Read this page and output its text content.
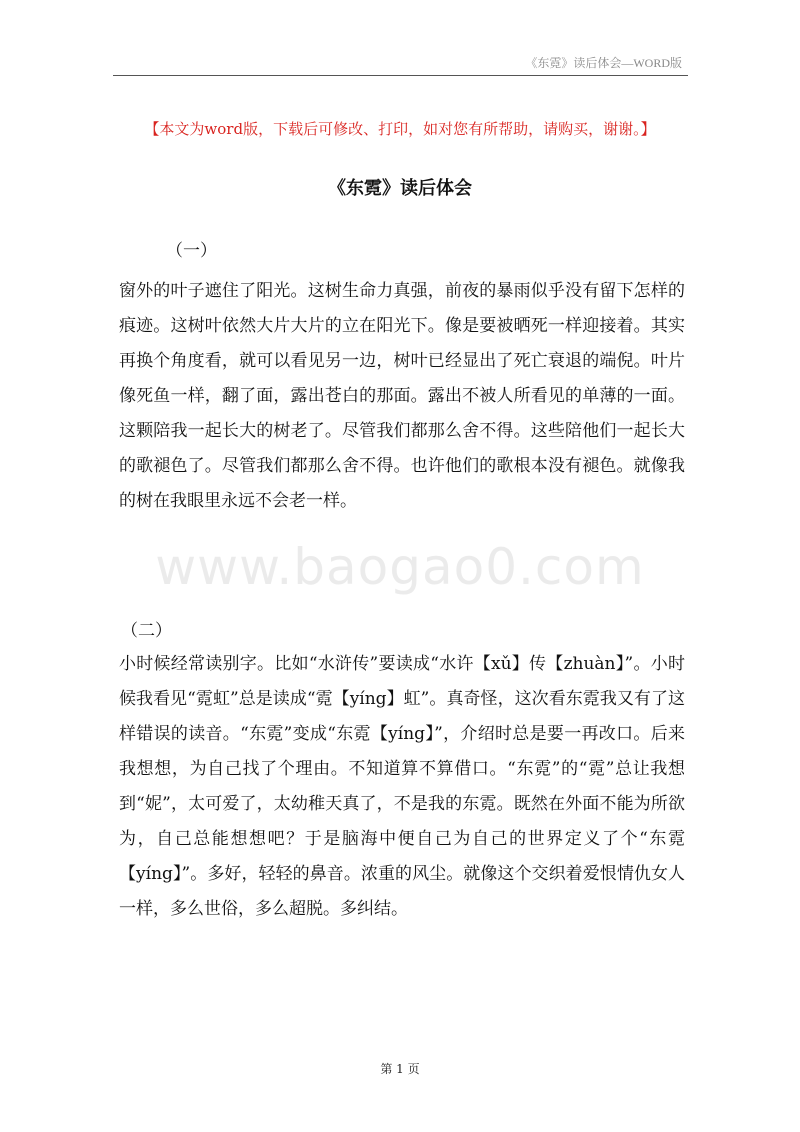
《东霓》读后体会—WORD版
【本文为word版，下载后可修改、打印，如对您有所帮助，请购买，谢谢。】
《东霓》读后体会
（一）
窗外的叶子遮住了阳光。这树生命力真强，前夜的暴雨似乎没有留下怎样的痕迹。这树叶依然大片大片的立在阳光下。像是要被晒死一样迎接着。其实再换个角度看，就可以看见另一边，树叶已经显出了死亡衰退的端倪。叶片像死鱼一样，翻了面，露出苍白的那面。露出不被人所看见的单薄的一面。这颗陪我一起长大的树老了。尽管我们都那么舍不得。这些陪他们一起长大的歌褪色了。尽管我们都那么舍不得。也许他们的歌根本没有褪色。就像我的树在我眼里永远不会老一样。
（二）
小时候经常读别字。比如“水浒传”要读成“水许【xǔ】传【zhuàn】”。小时候我看见“霓虹”总是读成“霓【yíng】虹”。真奇怪，这次看东霓我又有了这样错误的读音。“东霓”变成“东霓【yíng】”，介绍时总是要一再改口。后来我想想，为自己找了个理由。不知道算不算借口。“东霓”的“霓”总让我想到“妮”，太可爱了，太幼稚天真了，不是我的东霓。既然在外面不能为所欲为，自己总能想想吧？于是脑海中便自己为自己的世界定义了个“东霓【yíng】”。多好，轻轻的鼻音。浓重的风尘。就像这个交织着爱恨情仇女人一样，多么世俗，多么超脱。多纠结。
www.baogao0.com
第 1 页
